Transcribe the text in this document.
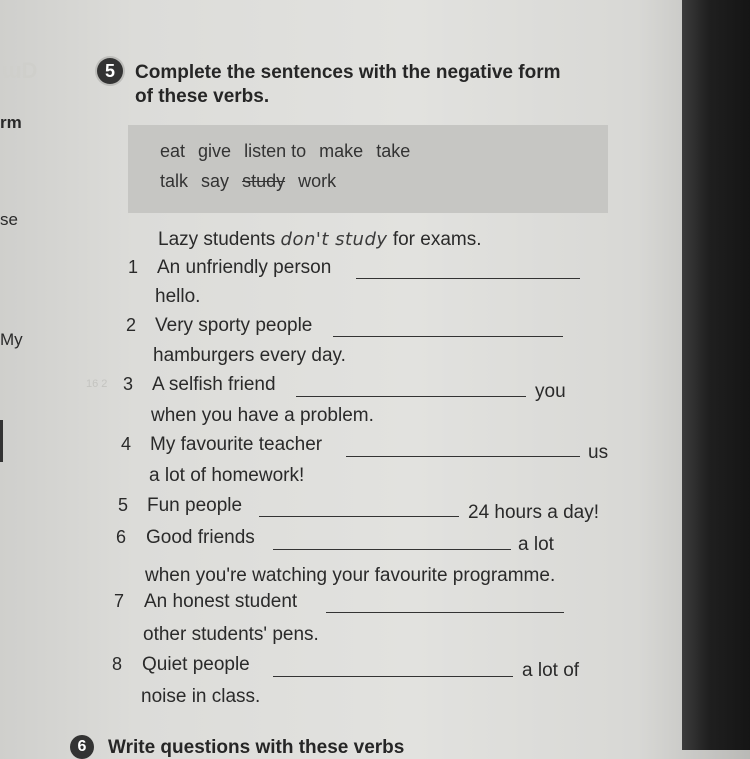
ɯD
rm
se
My
5	Complete the sentences with the negative form
of these verbs.
eat give listen to make take
talk say study work
Lazy students don't study for exams.
1 An unfriendly person
hello.
2 Very sporty people
hamburgers every day.
16 2 3 A selfish friend	you
when you have a problem.
4 My favourite teacher	us
a lot of homework!
5 Fun people	24 hours a day!
6 Good friends	a lot
when you're watching your favourite programme.
7 An honest student
other students' pens.
8 Quiet people	a lot of
noise in class.
6	Write questions with these verbs
